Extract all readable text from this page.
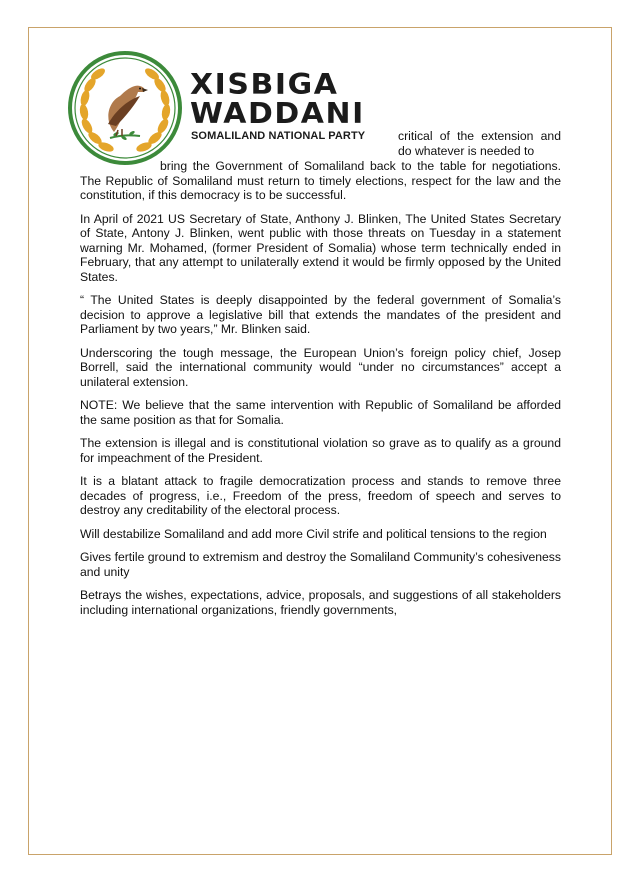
XISBIGA
WADDANI
SOMALILAND NATIONAL PARTY	critical of the extension and do whatever is needed to

bring the Government of Somaliland back to the table for negotiations. The Republic of Somaliland must return to timely elections, respect for the law and the constitution, if this democracy is to be successful.

In April of 2021 US Secretary of State, Anthony J. Blinken, The United States Secretary of State, Antony J. Blinken, went public with those threats on Tuesday in a statement warning Mr. Mohamed, (former President of Somalia) whose term technically ended in February, that any attempt to unilaterally extend it would be firmly opposed by the United States.

“ The United States is deeply disappointed by the federal government of Somalia’s decision to approve a legislative bill that extends the mandates of the president and Parliament by two years,” Mr. Blinken said.

Underscoring the tough message, the European Union’s foreign policy chief, Josep Borrell, said the international community would “under no circumstances” accept a unilateral extension.

NOTE: We believe that the same intervention with Republic of Somaliland be afforded the same position as that for Somalia.

The extension is illegal and is constitutional violation so grave as to qualify as a ground for impeachment of the President.

It is a blatant attack to fragile democratization process and stands to remove three decades of progress, i.e., Freedom of the press, freedom of speech and serves to destroy any creditability of the electoral process.

Will destabilize Somaliland and add more Civil strife and political tensions to the region

Gives fertile ground to extremism and destroy the Somaliland Community’s cohesiveness and unity

Betrays the wishes, expectations, advice, proposals, and suggestions of all stakeholders including international organizations, friendly governments,
